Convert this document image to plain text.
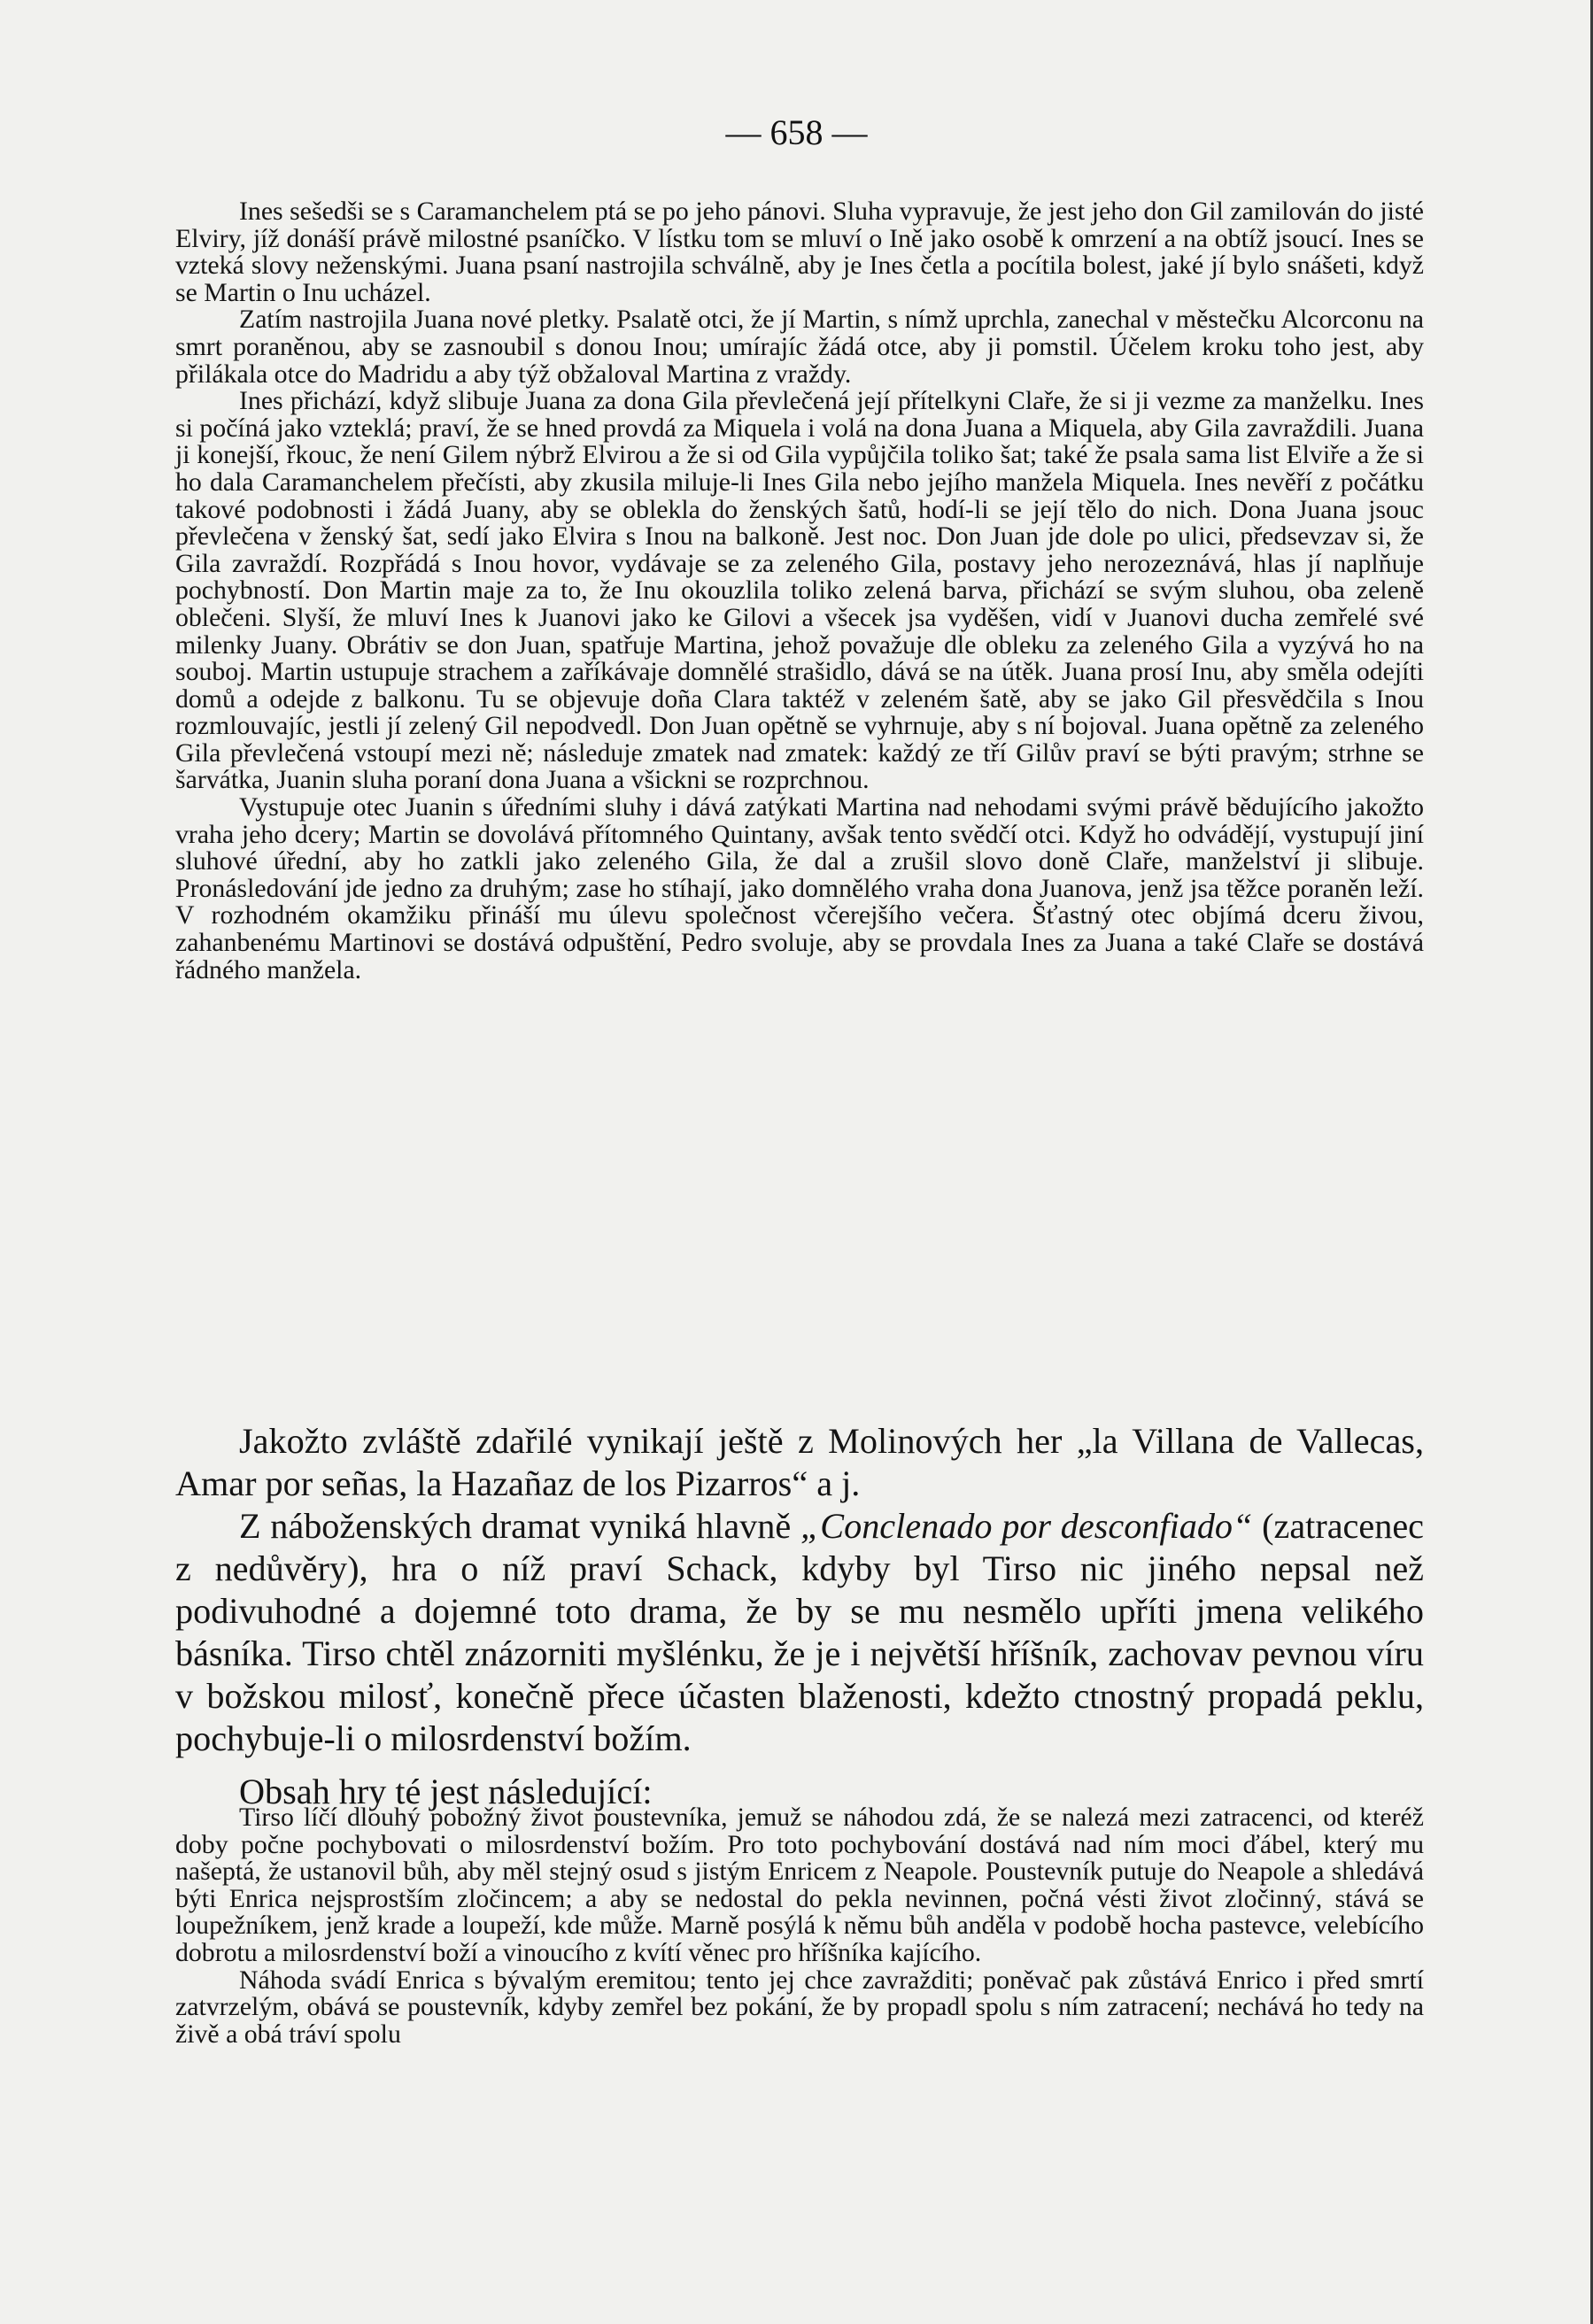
— 658 —

Ines sešedši se s Caramanchelem ptá se po jeho pánovi. Sluha vypravuje, že jest jeho don Gil zamilován do jisté Elviry, jíž donáší právě milostné psaníčko. V lístku tom se mluví o Ině jako osobě k omrzení a na obtíž jsoucí. Ines se vzteká slovy neženskými. Juana psaní nastrojila schválně, aby je Ines četla a pocítila bolest, jaké jí bylo snášeti, když se Martin o Inu ucházel.

Zatím nastrojila Juana nové pletky. Psalatě otci, že jí Martin, s nímž uprchla, zanechal v městečku Alcorconu na smrt poraněnou, aby se zasnoubil s donou Inou; umírajíc žádá otce, aby ji pomstil. Účelem kroku toho jest, aby přilákala otce do Madridu a aby týž obžaloval Martina z vraždy.

Ines přichází, když slibuje Juana za dona Gila převlečená její přítelkyni Claře, že si ji vezme za manželku. Ines si počíná jako vzteklá; praví, že se hned provdá za Miquela i volá na dona Juana a Miquela, aby Gila zavraždili. Juana ji konejší, řkouc, že není Gilem nýbrž Elvirou a že si od Gila vypůjčila toliko šat; také že psala sama list Elviře a že si ho dala Caramanchelem přečísti, aby zkusila miluje-li Ines Gila nebo jejího manžela Miquela. Ines nevěří z počátku takové podobnosti i žádá Juany, aby se oblekla do ženských šatů, hodí-li se její tělo do nich. Dona Juana jsouc převlečena v ženský šat, sedí jako Elvira s Inou na balkoně. Jest noc. Don Juan jde dole po ulici, předsevzav si, že Gila zavraždí. Rozpřádá s Inou hovor, vydávaje se za zeleného Gila, postavy jeho nerozeznává, hlas jí naplňuje pochybností. Don Martin maje za to, že Inu okouzlila toliko zelená barva, přichází se svým sluhou, oba zeleně oblečeni. Slyší, že mluví Ines k Juanovi jako ke Gilovi a všecek jsa vyděšen, vidí v Juanovi ducha zemřelé své milenky Juany. Obrátiv se don Juan, spatřuje Martina, jehož považuje dle obleku za zeleného Gila a vyzývá ho na souboj. Martin ustupuje strachem a zaříkávaje domnělé strašidlo, dává se na útěk. Juana prosí Inu, aby směla odejíti domů a odejde z balkonu. Tu se objevuje doña Clara taktéž v zeleném šatě, aby se jako Gil přesvědčila s Inou rozmlouvajíc, jestli jí zelený Gil nepodvedl. Don Juan opětně se vyhrnuje, aby s ní bojoval. Juana opětně za zeleného Gila převlečená vstoupí mezi ně; následuje zmatek nad zmatek: každý ze tří Gilův praví se býti pravým; strhne se šarvátka, Juanin sluha poraní dona Juana a všickni se rozprchnou.

Vystupuje otec Juanin s úředními sluhy i dává zatýkati Martina nad nehodami svými právě bědujícího jakožto vraha jeho dcery; Martin se dovolává přítomného Quintany, avšak tento svědčí otci. Když ho odvádějí, vystupují jiní sluhové úřední, aby ho zatkli jako zeleného Gila, že dal a zrušil slovo doně Claře, manželství ji slibuje. Pronásledování jde jedno za druhým; zase ho stíhají, jako domnělého vraha dona Juanova, jenž jsa těžce poraněn leží. V rozhodném okamžiku přináší mu úlevu společnost včerejšího večera. Šťastný otec objímá dceru živou, zahanbenému Martinovi se dostává odpuštění, Pedro svoluje, aby se provdala Ines za Juana a také Claře se dostává řádného manžela.

Jakožto zvláště zdařilé vynikají ještě z Molinových her „la Villana de Vallecas, Amar por señas, la Hazañaz de los Pizarros“ a j.

Z náboženských dramat vyniká hlavně „Conclenado por desconfiado“ (zatracenec z nedůvěry), hra o níž praví Schack, kdyby byl Tirso nic jiného nepsal než podivuhodné a dojemné toto drama, že by se mu nesmělo upříti jmena velikého básníka. Tirso chtěl znázorniti myšlénku, že je i největší hříšník, zachovav pevnou víru v božskou milosť, konečně přece účasten blaženosti, kdežto ctnostný propadá peklu, pochybuje-li o milosrdenství božím.

Obsah hry té jest následující:

Tirso líčí dlouhý pobožný život poustevníka, jemuž se náhodou zdá, že se nalezá mezi zatracenci, od kteréž doby počne pochybovati o milosrdenství božím. Pro toto pochybování dostává nad ním moci ďábel, který mu našeptá, že ustanovil bůh, aby měl stejný osud s jistým Enricem z Neapole. Poustevník putuje do Neapole a shledává býti Enrica nejsprostším zločincem; a aby se nedostal do pekla nevinnen, počná vésti život zločinný, stává se loupežníkem, jenž krade a loupeží, kde může. Marně posýlá k němu bůh anděla v podobě hocha pastevce, velebícího dobrotu a milosrdenství boží a vinoucího z kvítí věnec pro hříšníka kajícího.

Náhoda svádí Enrica s bývalým eremitou; tento jej chce zavražditi; poněvač pak zůstává Enrico i před smrtí zatvrzelým, obává se poustevník, kdyby zemřel bez pokání, že by propadl spolu s ním zatracení; nechává ho tedy na živě a obá tráví spolu
